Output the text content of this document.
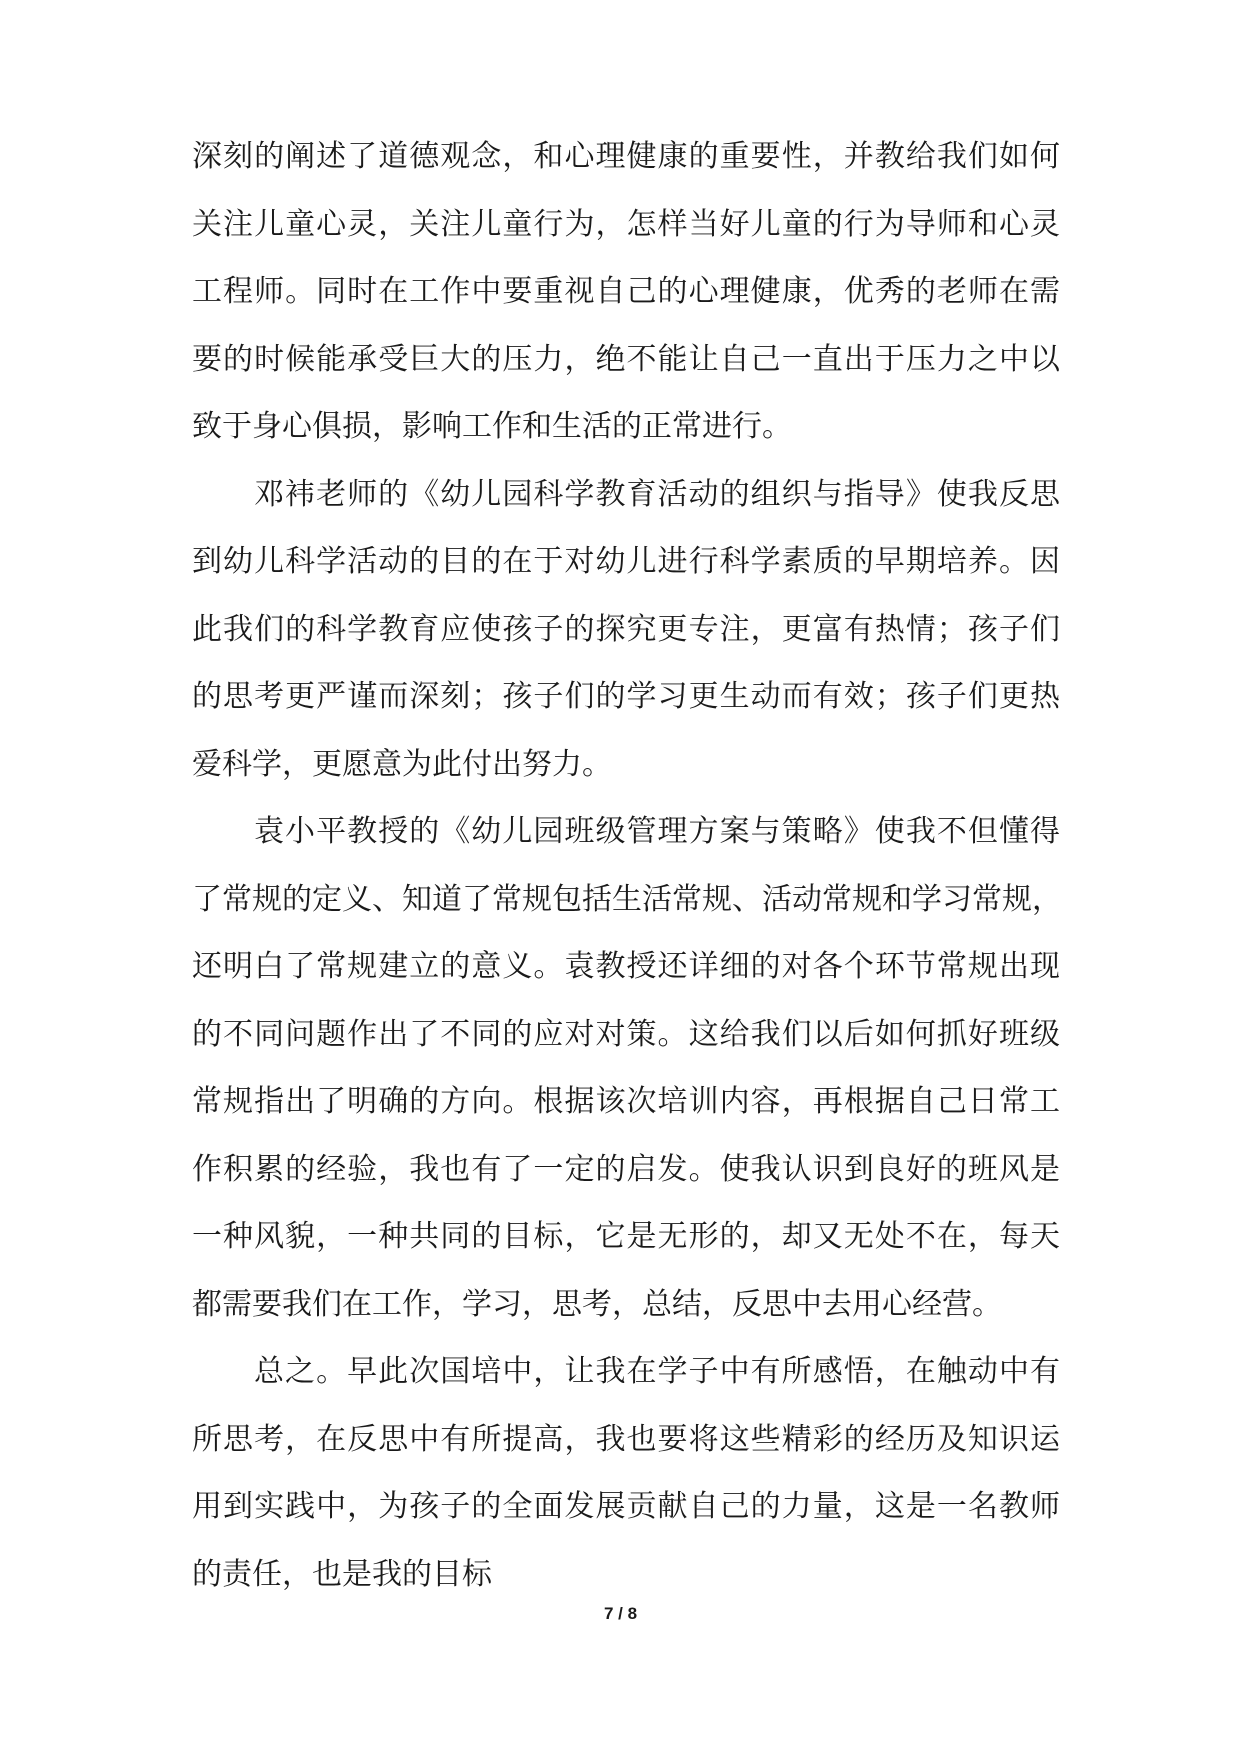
深刻的阐述了道德观念，和心理健康的重要性，并教给我们如何
关注儿童心灵，关注儿童行为，怎样当好儿童的行为导师和心灵
工程师。同时在工作中要重视自己的心理健康，优秀的老师在需
要的时候能承受巨大的压力，绝不能让自己一直出于压力之中以
致于身心俱损，影响工作和生活的正常进行。
邓袆老师的《幼儿园科学教育活动的组织与指导》使我反思
到幼儿科学活动的目的在于对幼儿进行科学素质的早期培养。因
此我们的科学教育应使孩子的探究更专注，更富有热情；孩子们
的思考更严谨而深刻；孩子们的学习更生动而有效；孩子们更热
爱科学，更愿意为此付出努力。
袁小平教授的《幼儿园班级管理方案与策略》使我不但懂得
了常规的定义、知道了常规包括生活常规、活动常规和学习常规，
还明白了常规建立的意义。袁教授还详细的对各个环节常规出现
的不同问题作出了不同的应对对策。这给我们以后如何抓好班级
常规指出了明确的方向。根据该次培训内容，再根据自己日常工
作积累的经验，我也有了一定的启发。使我认识到良好的班风是
一种风貌，一种共同的目标，它是无形的，却又无处不在，每天
都需要我们在工作，学习，思考，总结，反思中去用心经营。
总之。早此次国培中，让我在学子中有所感悟，在触动中有
所思考，在反思中有所提高，我也要将这些精彩的经历及知识运
用到实践中，为孩子的全面发展贡献自己的力量，这是一名教师
的责任，也是我的目标
7 / 8
